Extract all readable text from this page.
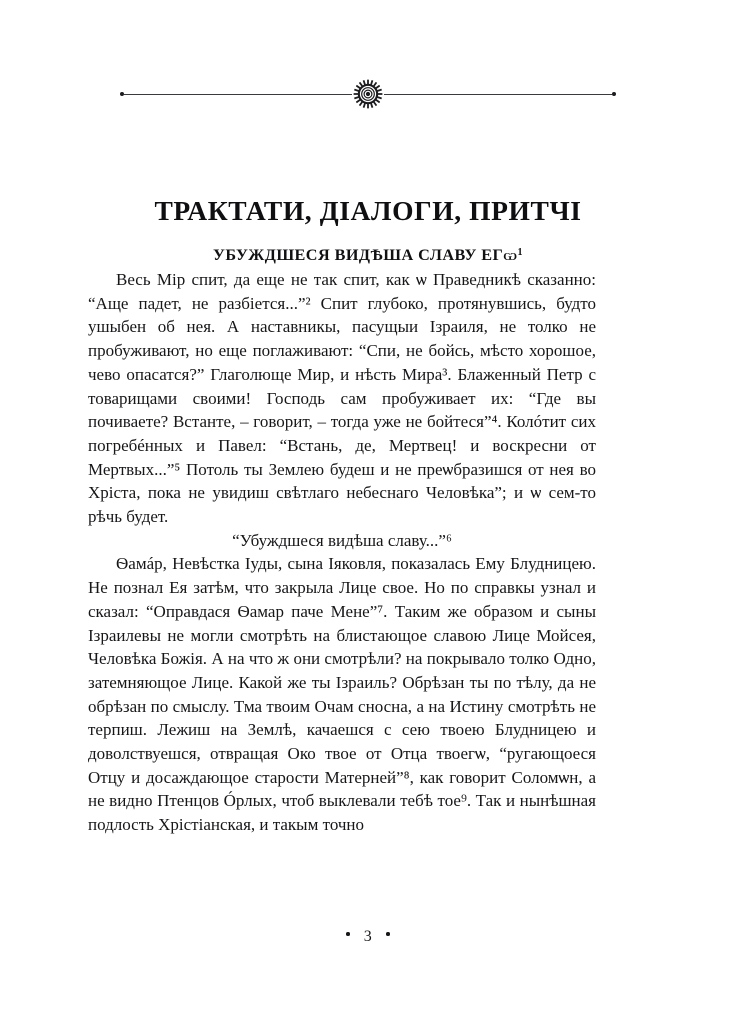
ТРАКТАТИ, ДІАЛОГИ, ПРИТЧІ
УБУЖДШЕСЯ ВИДѢША СЛАВУ ЕГѡ$^1$

Весь Мір спит, да еще не так спит, как ѡ Праведникѣ сказанно: “Аще падет, не разбіется...”² Спит глубоко, протянувшись, будто ушыбен об нея. А наставникы, пасущыи Ізраиля, не толко не пробуживают, но еще поглаживают: “Спи, не бойсь, мѣсто хорошое, чево опасатся?” Глаголюще Мир, и нѣсть Мира³. Блаженный Петр с товарищами своими! Господь сам пробуживает их: “Где вы почиваете? Встанте, – говорит, – тогда уже не бойтеся”⁴. Колóтит сих погребéнных и Павел: “Встань, де, Мертвец! и воскресни от Мертвых...”⁵ Потоль ты Землею будеш и не преѡбразишся от нея во Хріста, пока не увидиш свѣтлаго небеснаго Человѣка”; и ѡ сем-то рѣчь будет.

“Убуждшеся видѣша славу...”⁶

Ѳамáр, Невѣстка Іуды, сына Іяковля, показалась Ему Блудницею. Не познал Ея затѣм, что закрыла Лице свое. Но по справкы узнал и сказал: “Оправдася Ѳамар паче Мене”⁷. Таким же образом и сыны Ізраилевы не могли смотрѣть на блистающое славою Лице Мойсея, Человѣка Божія. А на что ж они смотрѣли? на покрывало толко Одно, затемняющое Лице. Какой же ты Ізраиль? Обрѣзан ты по тѣлу, да не обрѣзан по смыслу. Тма твоим Очам сносна, а на Истину смотрѣть не терпиш. Лежиш на Землѣ, качаешся с сею твоею Блудницею и доволствуешся, отвращая Око твое от Отца твоегѡ, “ругающоеся Отцу и досаждающое старости Матерней”⁸, как говорит Соломѡн, а не видно Птенцов Óрлых, чтоб выклевали тебѣ тое⁹. Так и нынѣшная подлость Хрістіанская, и такым точно

3
